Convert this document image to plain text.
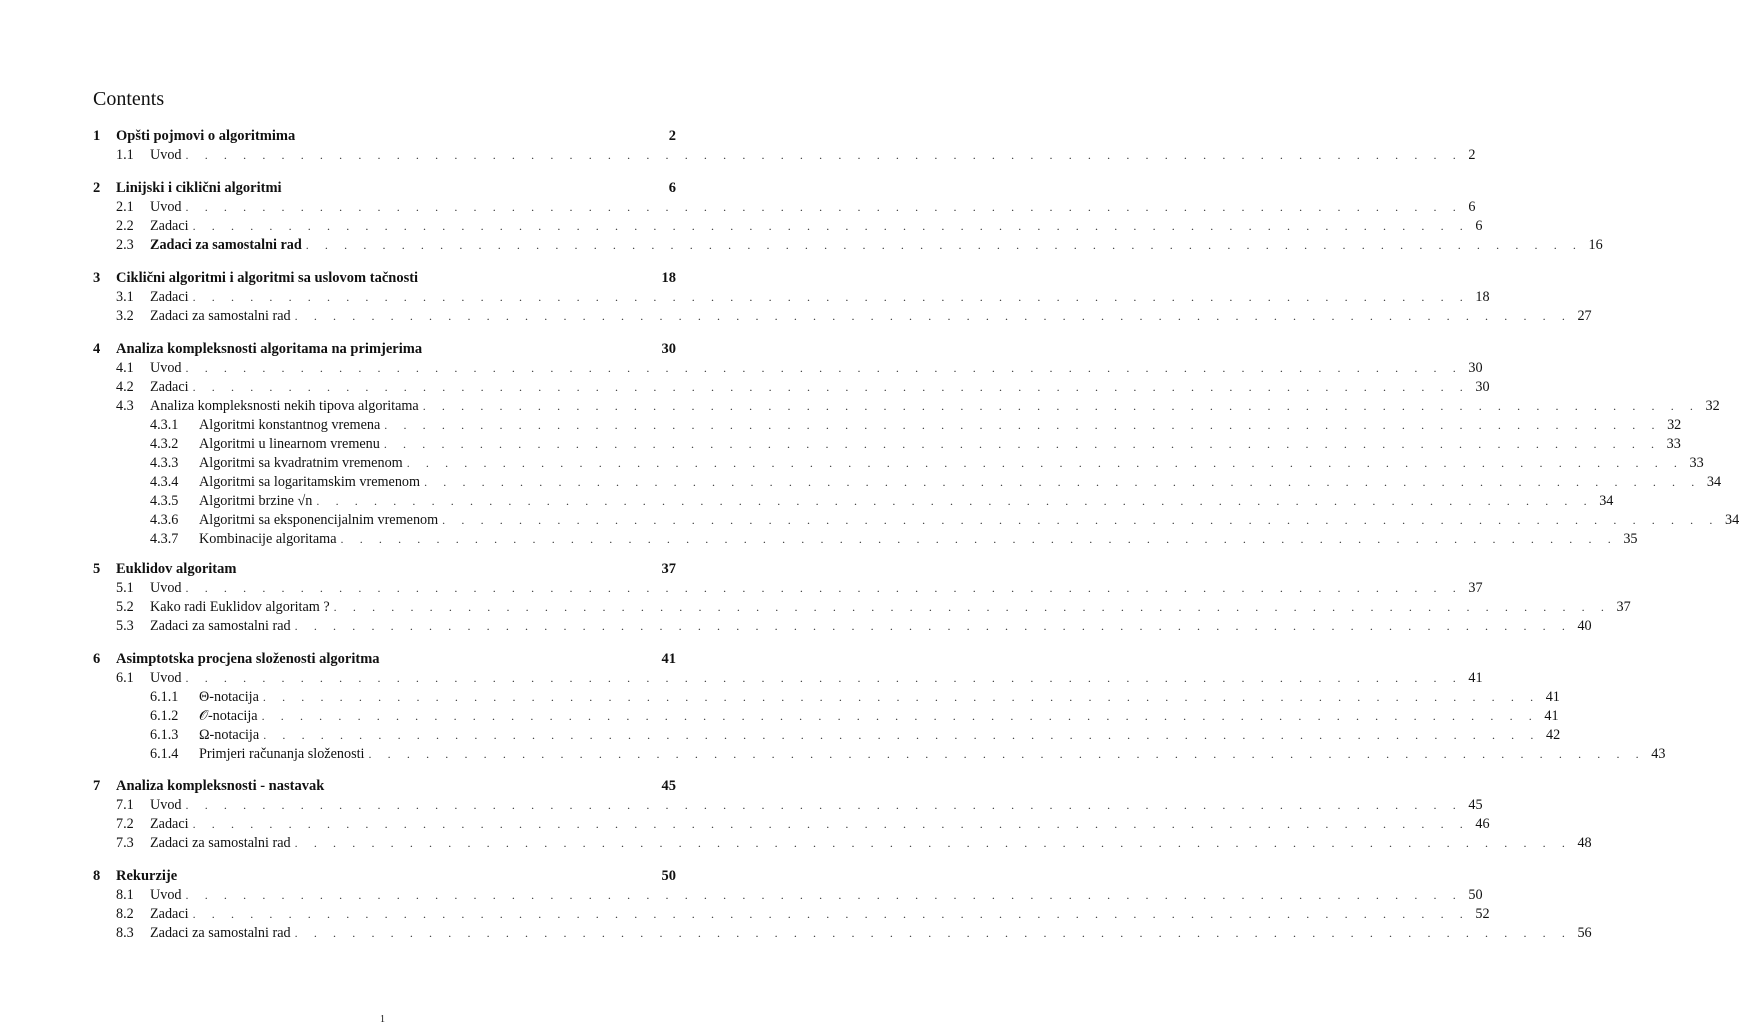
Contents
1	Opšti pojmovi o algoritmima	2
1.1	Uvod . . . . . . . . . . . . . . . . . . . . . . . . . . . . . . . . . . . . . . . . . . . . . . . . . . . . . . . . . . . . . . . . . . . 2
2	Linijski i ciklični algoritmi	6
2.1	Uvod . . . . . . . . . . . . . . . . . . . . . . . . . . . . . . . . . . . . . . . . . . . . . . . . . . . . . . . . . . . . . . . . . . . 6
2.2	Zadaci . . . . . . . . . . . . . . . . . . . . . . . . . . . . . . . . . . . . . . . . . . . . . . . . . . . . . . . . . . . . . . . . . . . 6
2.3	Zadaci za samostalni rad . . . . . . . . . . . . . . . . . . . . . . . . . . . . . . . . . . . . . . . . . . . . . . . . . . . . . . . . . . . . . . . . . . . 16
3	Ciklični algoritmi i algoritmi sa uslovom tačnosti	18
3.1	Zadaci . . . . . . . . . . . . . . . . . . . . . . . . . . . . . . . . . . . . . . . . . . . . . . . . . . . . . . . . . . . . . . . . . . . 18
3.2	Zadaci za samostalni rad . . . . . . . . . . . . . . . . . . . . . . . . . . . . . . . . . . . . . . . . . . . . . . . . . . . . . . . . . . . . . . . . . . . 27
4	Analiza kompleksnosti algoritama na primjerima	30
4.1	Uvod . . . . . . . . . . . . . . . . . . . . . . . . . . . . . . . . . . . . . . . . . . . . . . . . . . . . . . . . . . . . . . . . . . . 30
4.2	Zadaci . . . . . . . . . . . . . . . . . . . . . . . . . . . . . . . . . . . . . . . . . . . . . . . . . . . . . . . . . . . . . . . . . . . 30
4.3	Analiza kompleksnosti nekih tipova algoritama . . . . . . . . . . . . . . . . . . . . . . . . . . . . . . . . . . . . . . . . . . . . . . . . . . . . . . . . . . . . . . . . . . . 32
4.3.1	Algoritmi konstantnog vremena . . . . . . . . . . . . . . . . . . . . . . . . . . . . . . . . . . . . . . . . . . . . . . . . . . . . . . . . . . . . . . . . . . . 32
4.3.2	Algoritmi u linearnom vremenu . . . . . . . . . . . . . . . . . . . . . . . . . . . . . . . . . . . . . . . . . . . . . . . . . . . . . . . . . . . . . . . . . . . 33
4.3.3	Algoritmi sa kvadratnim vremenom . . . . . . . . . . . . . . . . . . . . . . . . . . . . . . . . . . . . . . . . . . . . . . . . . . . . . . . . . . . . . . . . . . . 33
4.3.4	Algoritmi sa logaritamskim vremenom . . . . . . . . . . . . . . . . . . . . . . . . . . . . . . . . . . . . . . . . . . . . . . . . . . . . . . . . . . . . . . . . . . . 34
4.3.5	Algoritmi brzine √n . . . . . . . . . . . . . . . . . . . . . . . . . . . . . . . . . . . . . . . . . . . . . . . . . . . . . . . . . . . . . . . . . . . 34
4.3.6	Algoritmi sa eksponencijalnim vremenom . . . . . . . . . . . . . . . . . . . . . . . . . . . . . . . . . . . . . . . . . . . . . . . . . . . . . . . . . . . . . . . . . . . 34
4.3.7	Kombinacije algoritama . . . . . . . . . . . . . . . . . . . . . . . . . . . . . . . . . . . . . . . . . . . . . . . . . . . . . . . . . . . . . . . . . . . 35
5	Euklidov algoritam	37
5.1	Uvod . . . . . . . . . . . . . . . . . . . . . . . . . . . . . . . . . . . . . . . . . . . . . . . . . . . . . . . . . . . . . . . . . . . 37
5.2	Kako radi Euklidov algoritam ? . . . . . . . . . . . . . . . . . . . . . . . . . . . . . . . . . . . . . . . . . . . . . . . . . . . . . . . . . . . . . . . . . . . 37
5.3	Zadaci za samostalni rad . . . . . . . . . . . . . . . . . . . . . . . . . . . . . . . . . . . . . . . . . . . . . . . . . . . . . . . . . . . . . . . . . . . 40
6	Asimptotska procjena složenosti algoritma	41
6.1	Uvod . . . . . . . . . . . . . . . . . . . . . . . . . . . . . . . . . . . . . . . . . . . . . . . . . . . . . . . . . . . . . . . . . . . 41
6.1.1	Θ-notacija . . . . . . . . . . . . . . . . . . . . . . . . . . . . . . . . . . . . . . . . . . . . . . . . . . . . . . . . . . . . . . . . . . . 41
6.1.2	𝒪-notacija . . . . . . . . . . . . . . . . . . . . . . . . . . . . . . . . . . . . . . . . . . . . . . . . . . . . . . . . . . . . . . . . . . . 41
6.1.3	Ω-notacija . . . . . . . . . . . . . . . . . . . . . . . . . . . . . . . . . . . . . . . . . . . . . . . . . . . . . . . . . . . . . . . . . . . 42
6.1.4	Primjeri računanja složenosti . . . . . . . . . . . . . . . . . . . . . . . . . . . . . . . . . . . . . . . . . . . . . . . . . . . . . . . . . . . . . . . . . . . 43
7	Analiza kompleksnosti - nastavak	45
7.1	Uvod . . . . . . . . . . . . . . . . . . . . . . . . . . . . . . . . . . . . . . . . . . . . . . . . . . . . . . . . . . . . . . . . . . . 45
7.2	Zadaci . . . . . . . . . . . . . . . . . . . . . . . . . . . . . . . . . . . . . . . . . . . . . . . . . . . . . . . . . . . . . . . . . . . 46
7.3	Zadaci za samostalni rad . . . . . . . . . . . . . . . . . . . . . . . . . . . . . . . . . . . . . . . . . . . . . . . . . . . . . . . . . . . . . . . . . . . 48
8	Rekurzije	50
8.1	Uvod . . . . . . . . . . . . . . . . . . . . . . . . . . . . . . . . . . . . . . . . . . . . . . . . . . . . . . . . . . . . . . . . . . . 50
8.2	Zadaci . . . . . . . . . . . . . . . . . . . . . . . . . . . . . . . . . . . . . . . . . . . . . . . . . . . . . . . . . . . . . . . . . . . 52
8.3	Zadaci za samostalni rad . . . . . . . . . . . . . . . . . . . . . . . . . . . . . . . . . . . . . . . . . . . . . . . . . . . . . . . . . . . . . . . . . . . 56
1
